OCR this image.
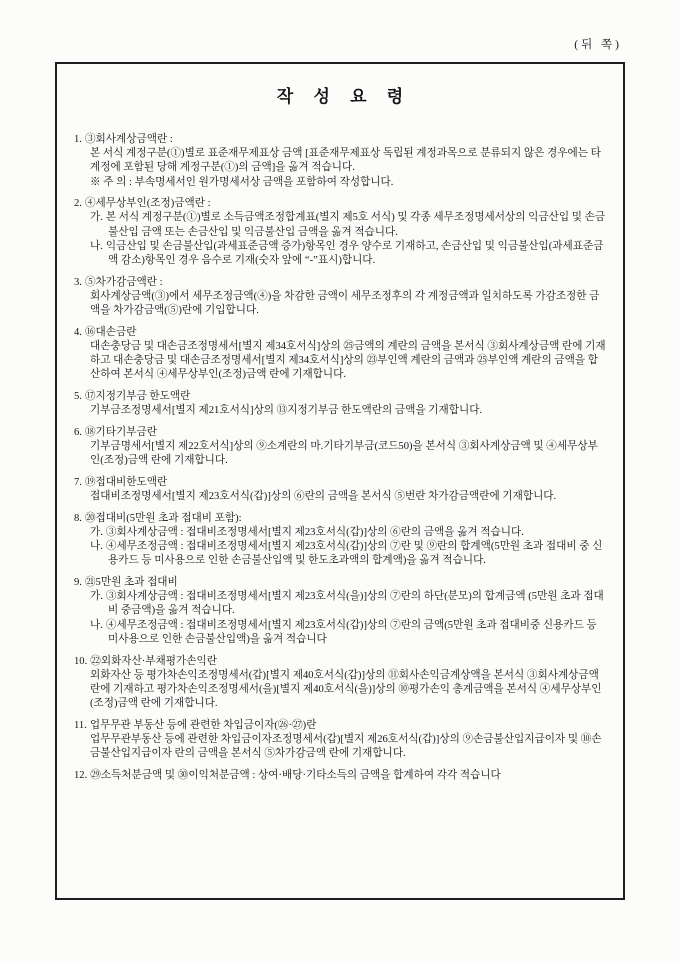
(뒤 쪽)
작 성 요 령
1. ③회사계상금액란 :
본 서식 계정구분(①)별로 표준재무제표상 금액 [표준재무제표상 독립된 계정과목으로 분류되지 않은 경우에는 타 계정에 포함된 당해 계정구분(①)의 금액]을 옮겨 적습니다.
※ 주 의 : 부속명세서인 원가명세서상 금액을 포함하여 작성합니다.
2. ④세무상부인(조정)금액란 :
가. 본 서식 계정구분(①)별로 소득금액조정합계표(별지 제5호 서식) 및 각종 세무조정명세서상의 익금산입 및 손금불산입 금액 또는 손금산입 및 익금불산입 금액을 옮겨 적습니다.
나. 익금산입 및 손금불산입(과세표준금액 증가)항목인 경우 양수로 기재하고, 손금산입 및 익금불산입(과세표준금액 감소)항목인 경우 음수로 기재(숫자 앞에 “-”표시)합니다.
3. ⑤차가감금액란 :
회사계상금액(③)에서 세무조정금액(④)을 차감한 금액이 세무조정후의 각 계정금액과 일치하도록 가감조정한 금액을 차가감금액(⑤)란에 기입합니다.
4. ⑯대손금란
대손충당금 및 대손금조정명세서[별지 제34호서식]상의 ㉕금액의 계란의 금액을 본서식 ③회사계상금액 란에 기재하고 대손충당금 및 대손금조정명세서[별지 제34호서식]상의 ㉓부인액 계란의 금액과 ㉕부인액 계란의 금액을 합산하여 본서식 ④세무상부인(조정)금액 란에 기재합니다.
5. ⑰지정기부금 한도액란
기부금조정명세서[별지 제21호서식]상의 ⑬지정기부금 한도액란의 금액을 기재합니다.
6. ⑱기타기부금란
기부금명세서[별지 제22호서식]상의 ⑨소계란의 마.기타기부금(코드50)을 본서식 ③회사계상금액 및 ④세무상부인(조정)금액 란에 기재합니다.
7. ⑲접대비한도액란
접대비조정명세서[별지 제23호서식(갑)]상의 ⑥란의 금액을 본서식 ⑤번란 차가감금액란에 기재합니다.
8. ⑳접대비(5만원 초과 접대비 포함):
가. ③회사계상금액 : 접대비조정명세서[별지 제23호서식(갑)]상의 ⑥란의 금액을 옮겨 적습니다.
나. ④세무조정금액 : 접대비조정명세서[별지 제23호서식(갑)]상의 ⑦란 및 ⑨란의 합계액(5만원 초과 접대비 중 신용카드 등 미사용으로 인한 손금불산입액 및 한도초과액의 합계액)을 옮겨 적습니다.
9. ㉑5만원 초과 접대비
가. ③회사계상금액 : 접대비조정명세서[별지 제23호서식(을)]상의 ⑦란의 하단(분모)의 합계금액 (5만원 초과 접대비 중금액)을 옮겨 적습니다.
나. ④세무조정금액 : 접대비조정명세서[별지 제23호서식(갑)]상의 ⑦란의 금액(5만원 초과 접대비중 신용카드 등 미사용으로 인한 손금불산입액)을 옮겨 적습니다
10. ㉒외화자산·부채평가손익란
외화자산 등 평가차손익조정명세서(갑)[별지 제40호서식(갑)]상의 ⑪회사손익금계상액을 본서식 ③회사계상금액 란에 기재하고 평가차손익조정명세서(을)[별지 제40호서식(을)]상의 ⑩평가손익 총계금액을 본서식 ④세무상부인(조정)금액 란에 기재합니다.
11. 업무무관 부동산 등에 관련한 차입금이자(㉖·㉗)란
업무무관부동산 등에 관련한 차입금이자조정명세서(갑)[별지 제26호서식(갑)]상의 ⑨손금불산입지급이자 및 ⑩손금불산입지급이자 란의 금액을 본서식 ⑤차가감금액 란에 기재합니다.
12. ㉙소득처분금액 및 ㉚이익처분금액 : 상여·배당·기타소득의 금액을 합계하여 각각 적습니다
